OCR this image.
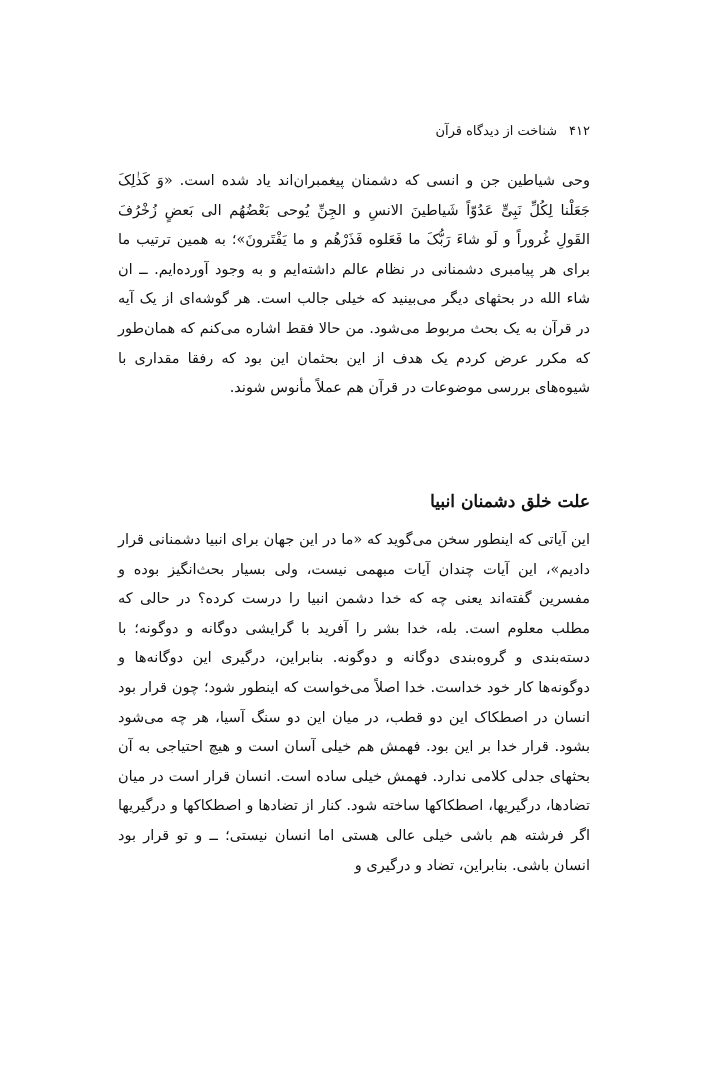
۴۱۲
شناخت از دیدگاه قرآن

وحی شیاطین جن و انسی که دشمنان پیغمبران‌اند یاد شده است. «وَ کَذٰلِکَ جَعَلْنا لِکُلِّ نَبِیٍّ عَدُوّاً شَیاطینَ الانسِ و الجِنِّ یُوحی بَعْضُهُم الی بَعضٍ زُخْرُفَ القَولِ غُروراً و لَو شاءَ رَبُّکَ ما فَعَلوه فَذَرْهُم و ما یَفْتَرونَ»؛ به همین ترتیب ما برای هر پیامبری دشمنانی در نظام عالم داشته‌ایم و به وجود آورده‌ایم. ــ ان شاء الله در بحثهای دیگر می‌بینید که خیلی جالب است. هر گوشه‌ای از یک آیه در قرآن به یک بحث مربوط می‌شود. من حالا فقط اشاره می‌کنم که همان‌طور که مکرر عرض کردم یک هدف از این بحثمان این بود که رفقا مقداری با شیوه‌های بررسی موضوعات در قرآن هم عملاً مأنوس شوند.

علت خلق دشمنان انبیا

این آیاتی که اینطور سخن می‌گوید که «ما در این جهان برای انبیا دشمنانی قرار دادیم»، این آیات چندان آیات مبهمی نیست، ولی بسیار بحث‌انگیز بوده و مفسرین گفته‌اند یعنی چه که خدا دشمن انبیا را درست کرده؟ در حالی که مطلب معلوم است. بله، خدا بشر را آفرید با گرایشی دوگانه و دوگونه؛ با دسته‌بندی و گروه‌بندی دوگانه و دوگونه. بنابراین، درگیری این دوگانه‌ها و دوگونه‌ها کار خود خداست. خدا اصلاً می‌خواست که اینطور شود؛ چون قرار بود انسان در اصطکاک این دو قطب، در میان این دو سنگ آسیا، هر چه می‌شود بشود. قرار خدا بر این بود. فهمش هم خیلی آسان است و هیچ احتیاجی به آن بحثهای جدلی کلامی ندارد. فهمش خیلی ساده است. انسان قرار است در میان تضادها، درگیریها، اصطکاکها ساخته شود. کنار از تضادها و اصطکاکها و درگیریها اگر فرشته هم باشی خیلی عالی هستی اما انسان نیستی؛ ــ و تو قرار بود انسان باشی. بنابراین، تضاد و درگیری و
